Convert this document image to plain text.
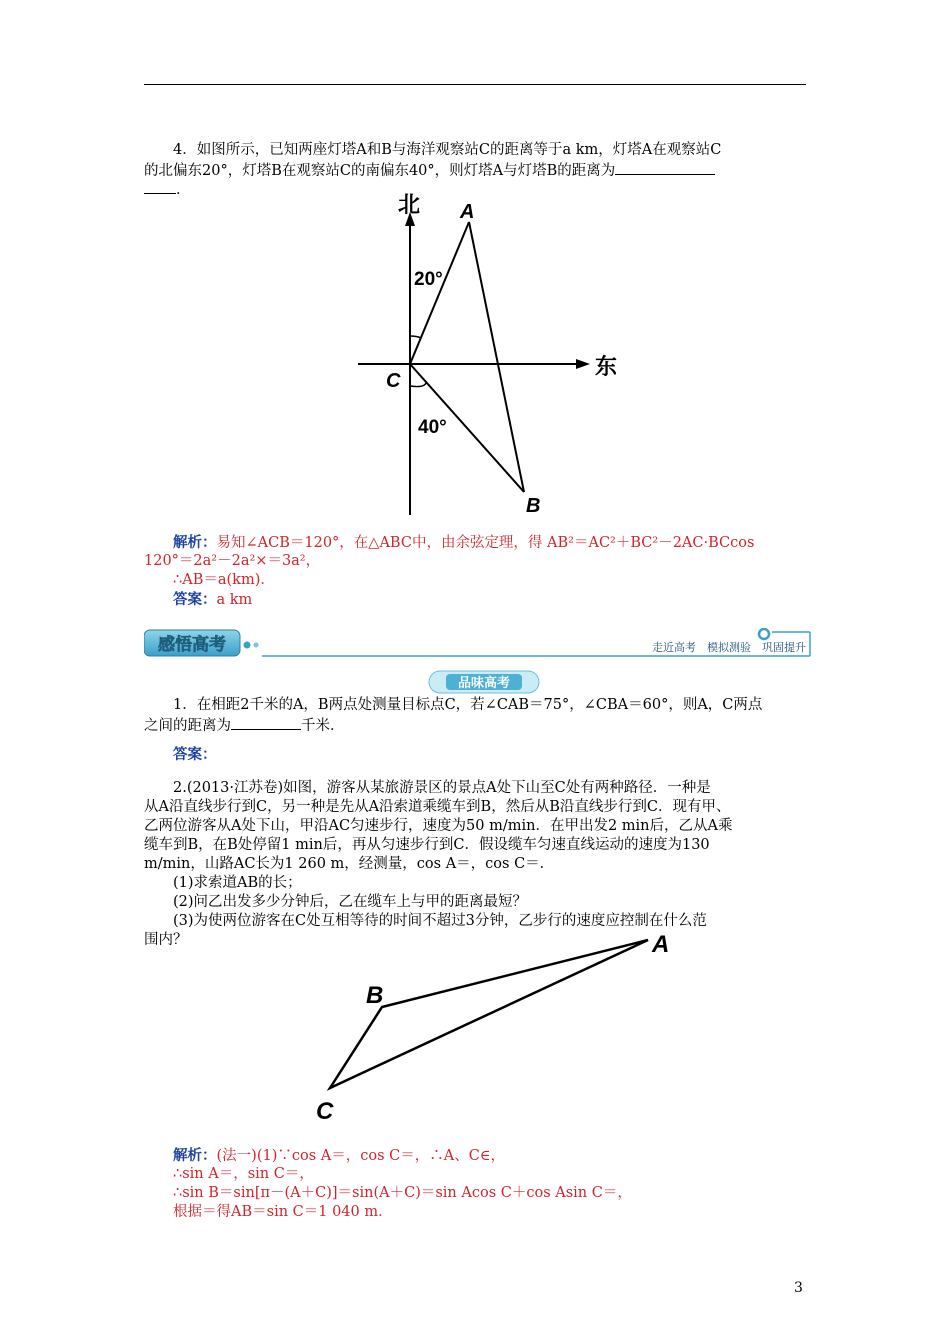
4．如图所示，已知两座灯塔A和B与海洋观察站C的距离等于a km，灯塔A在观察站C
的北偏东20°，灯塔B在观察站C的南偏东40°，则灯塔A与灯塔B的距离为
．
北
东
A
B
C
20°
40°
解析：易知∠ACB＝120°，在△ABC中，由余弦定理，得 AB²＝AC²＋BC²－2AC·BCcos
120°＝2a²－2a²×＝3a²，
∴AB＝a(km)．
答案：a km
感悟高考	走近高考　模拟测验　巩固提升
品味高考
1．在相距2千米的A，B两点处测量目标点C，若∠CAB＝75°，∠CBA＝60°，则A，C两点
之间的距离为	千米．
答案：
2.(2013·江苏卷)如图，游客从某旅游景区的景点A处下山至C处有两种路径．一种是
从A沿直线步行到C，另一种是先从A沿索道乘缆车到B，然后从B沿直线步行到C．现有甲、
乙两位游客从A处下山，甲沿AC匀速步行，速度为50 m/min．在甲出发2 min后，乙从A乘
缆车到B，在B处停留1 min后，再从匀速步行到C．假设缆车匀速直线运动的速度为130
m/min，山路AC长为1 260 m，经测量，cos A＝，cos C＝．
(1)求索道AB的长；
(2)问乙出发多少分钟后，乙在缆车上与甲的距离最短？
(3)为使两位游客在C处互相等待的时间不超过3分钟，乙步行的速度应控制在什么范
围内？	A
B
C
解析：(法一)(1)∵cos A＝，cos C＝，∴A、C∈，
∴sin A＝，sin C＝，
∴sin B＝sin[π－(A＋C)]＝sin(A＋C)＝sin Acos C＋cos Asin C＝，
根据＝得AB＝sin C＝1 040 m．
3
